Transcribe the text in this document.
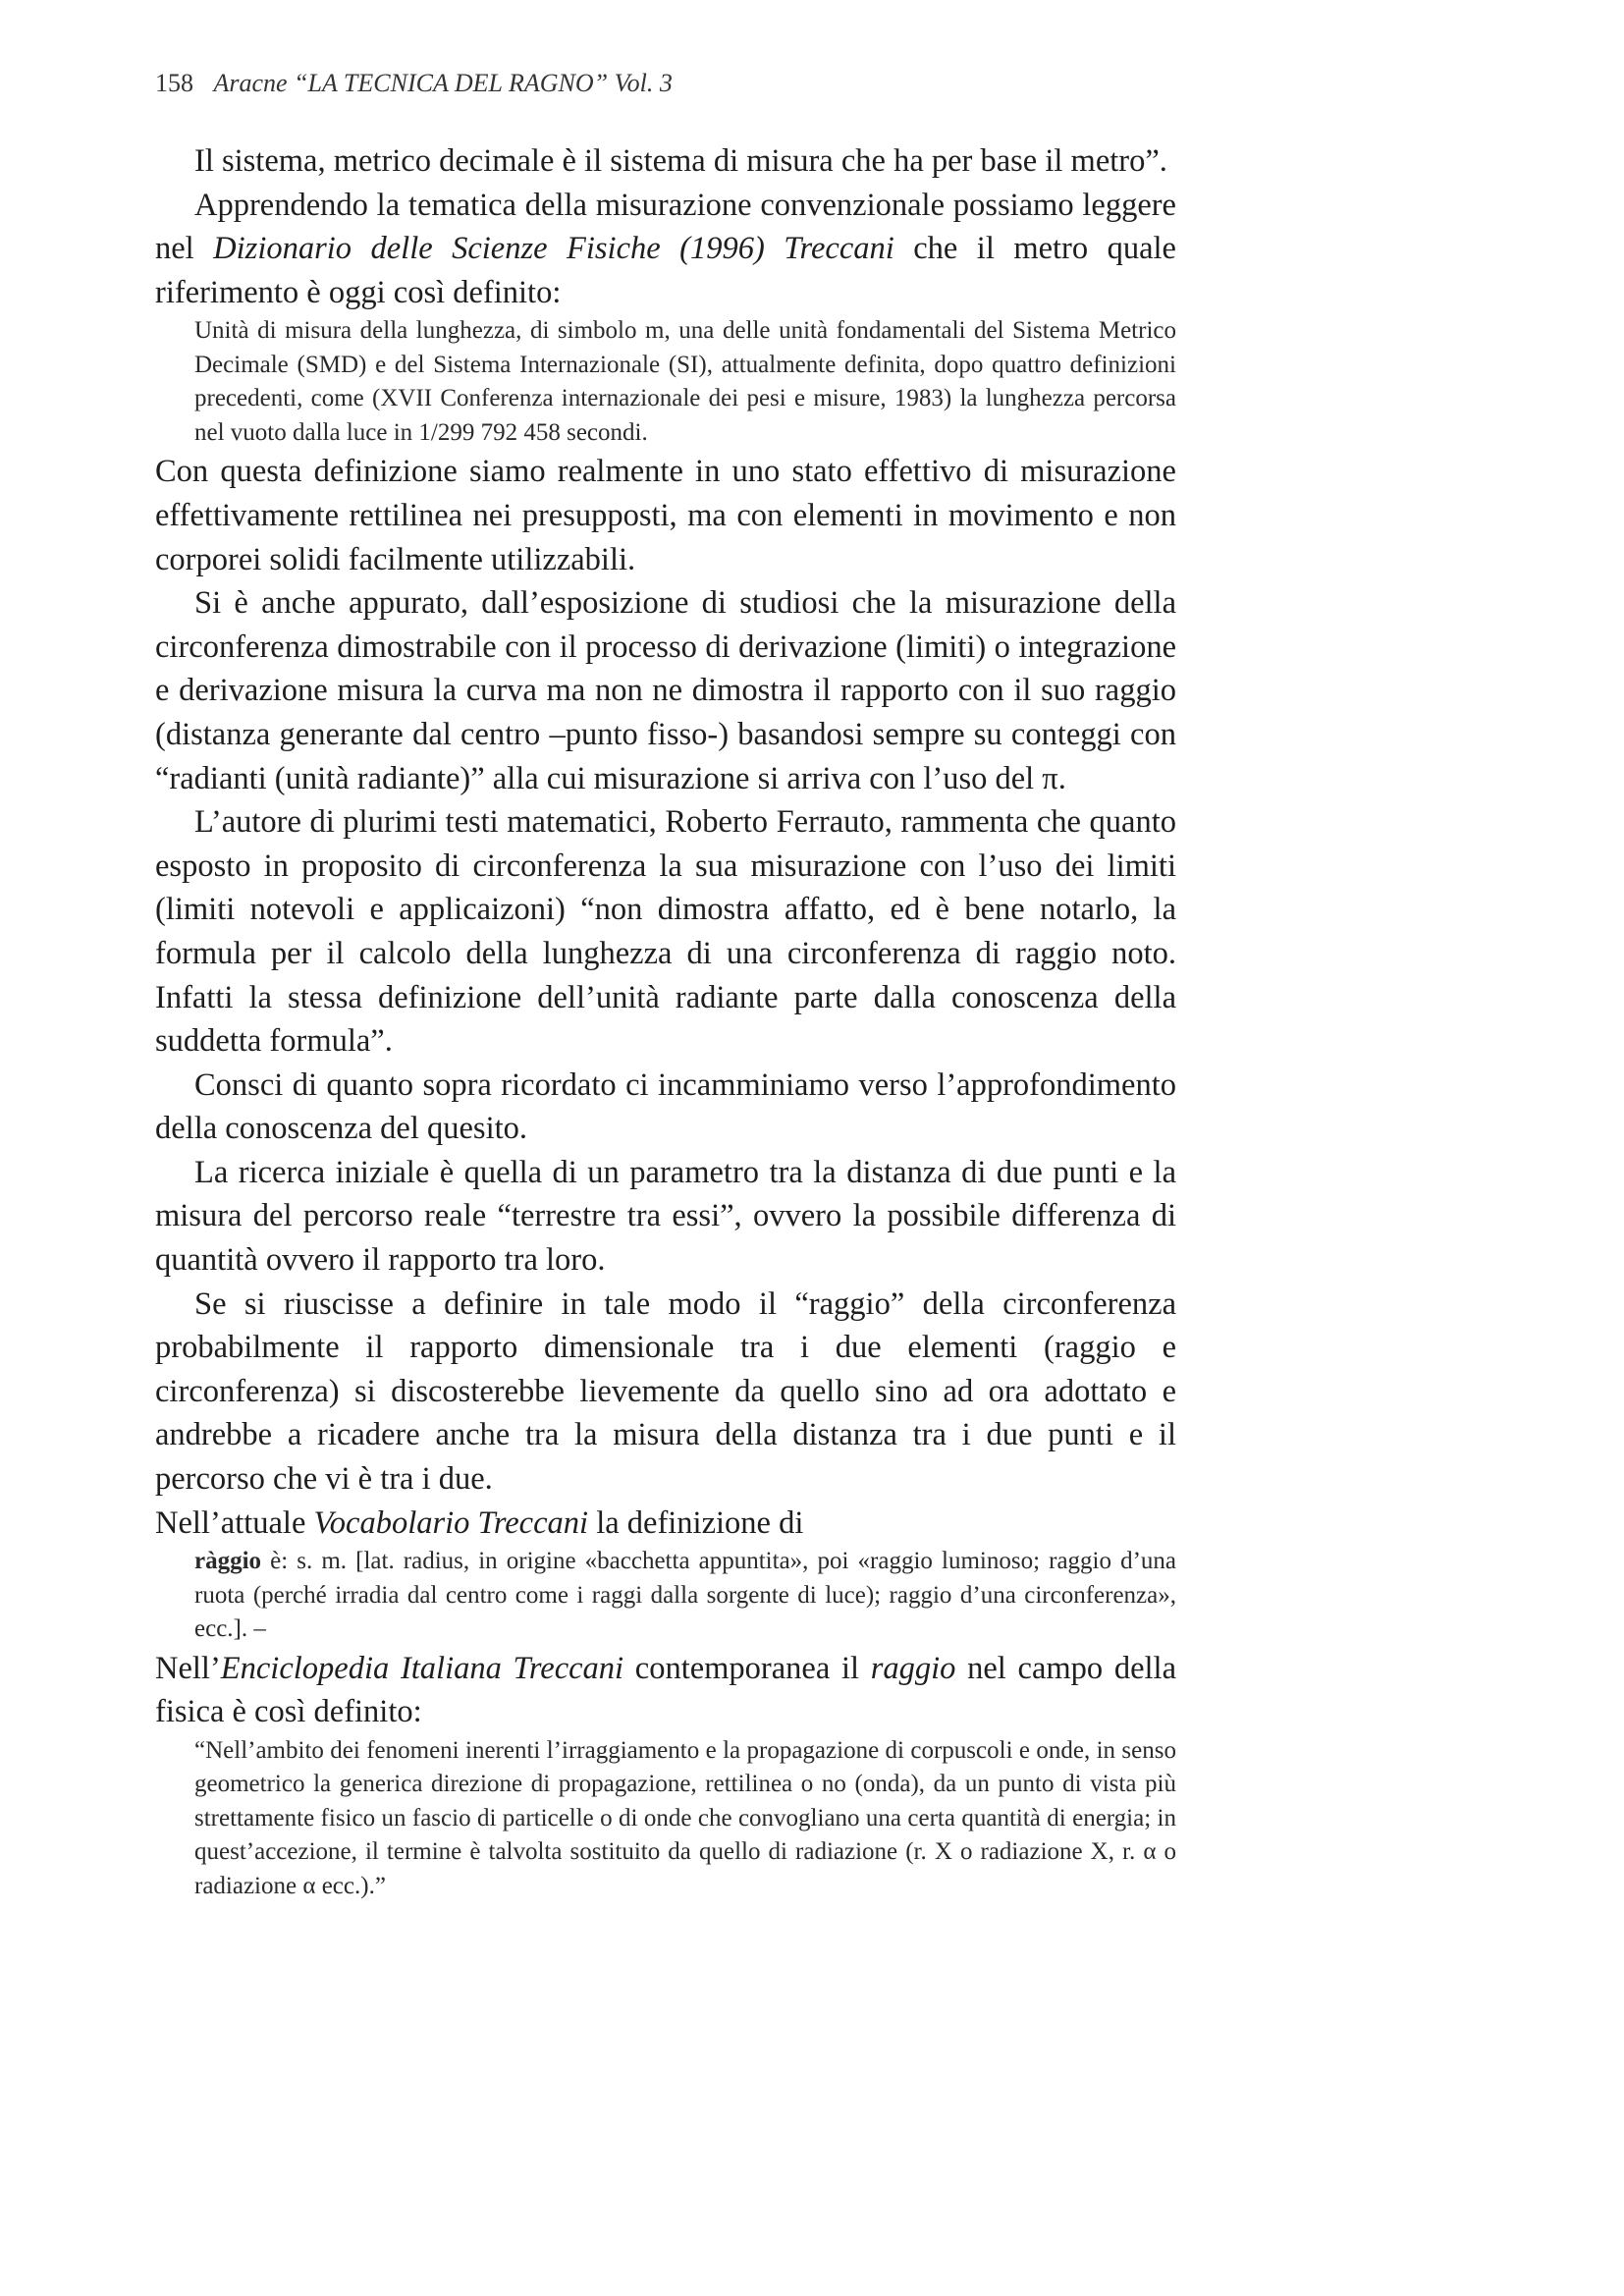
158 Aracne “LA TECNICA DEL RAGNO” Vol. 3

Il sistema, metrico decimale è il sistema di misura che ha per base il metro”.

Apprendendo la tematica della misurazione convenzionale possiamo leggere nel Dizionario delle Scienze Fisiche (1996) Treccani che il metro quale riferimento è oggi così definito:

Unità di misura della lunghezza, di simbolo m, una delle unità fondamentali del Sistema Metrico Decimale (SMD) e del Sistema Internazionale (SI), attualmente definita, dopo quattro definizioni precedenti, come (XVII Conferenza internazionale dei pesi e misure, 1983) la lunghezza percorsa nel vuoto dalla luce in 1/299 792 458 secondi.

Con questa definizione siamo realmente in uno stato effettivo di misurazione effettivamente rettilinea nei presupposti, ma con elementi in movimento e non corporei solidi facilmente utilizzabili.

Si è anche appurato, dall’esposizione di studiosi che la misurazione della circonferenza dimostrabile con il processo di derivazione (limiti) o integrazione e derivazione misura la curva ma non ne dimostra il rapporto con il suo raggio (distanza generante dal centro –punto fisso-) basandosi sempre su conteggi con “radianti (unità radiante)” alla cui misurazione si arriva con l’uso del π.

L’autore di plurimi testi matematici, Roberto Ferrauto, rammenta che quanto esposto in proposito di circonferenza la sua misurazione con l’uso dei limiti (limiti notevoli e applicaizoni) “non dimostra affatto, ed è bene notarlo, la formula per il calcolo della lunghezza di una circonferenza di raggio noto. Infatti la stessa definizione dell’unità radiante parte dalla conoscenza della suddetta formula”.

Consci di quanto sopra ricordato ci incamminiamo verso l’approfondimento della conoscenza del quesito.

La ricerca iniziale è quella di un parametro tra la distanza di due punti e la misura del percorso reale “terrestre tra essi”, ovvero la possibile differenza di quantità ovvero il rapporto tra loro.

Se si riuscisse a definire in tale modo il “raggio” della circonferenza probabilmente il rapporto dimensionale tra i due elementi (raggio e circonferenza) si discosterebbe lievemente da quello sino ad ora adottato e andrebbe a ricadere anche tra la misura della distanza tra i due punti e il percorso che vi è tra i due.

Nell’attuale Vocabolario Treccani la definizione di

ràggio è: s. m. [lat. radius, in origine «bacchetta appuntita», poi «raggio luminoso; raggio d’una ruota (perché irradia dal centro come i raggi dalla sorgente di luce); raggio d’una circonferenza», ecc.]. –

Nell’Enciclopedia Italiana Treccani contemporanea il raggio nel campo della fisica è così definito:

“Nell’ambito dei fenomeni inerenti l’irraggiamento e la propagazione di corpuscoli e onde, in senso geometrico la generica direzione di propagazione, rettilinea o no (onda), da un punto di vista più strettamente fisico un fascio di particelle o di onde che convogliano una certa quantità di energia; in quest’accezione, il termine è talvolta sostituito da quello di radiazione (r. X o radiazione X, r. α o radiazione α ecc.).”
